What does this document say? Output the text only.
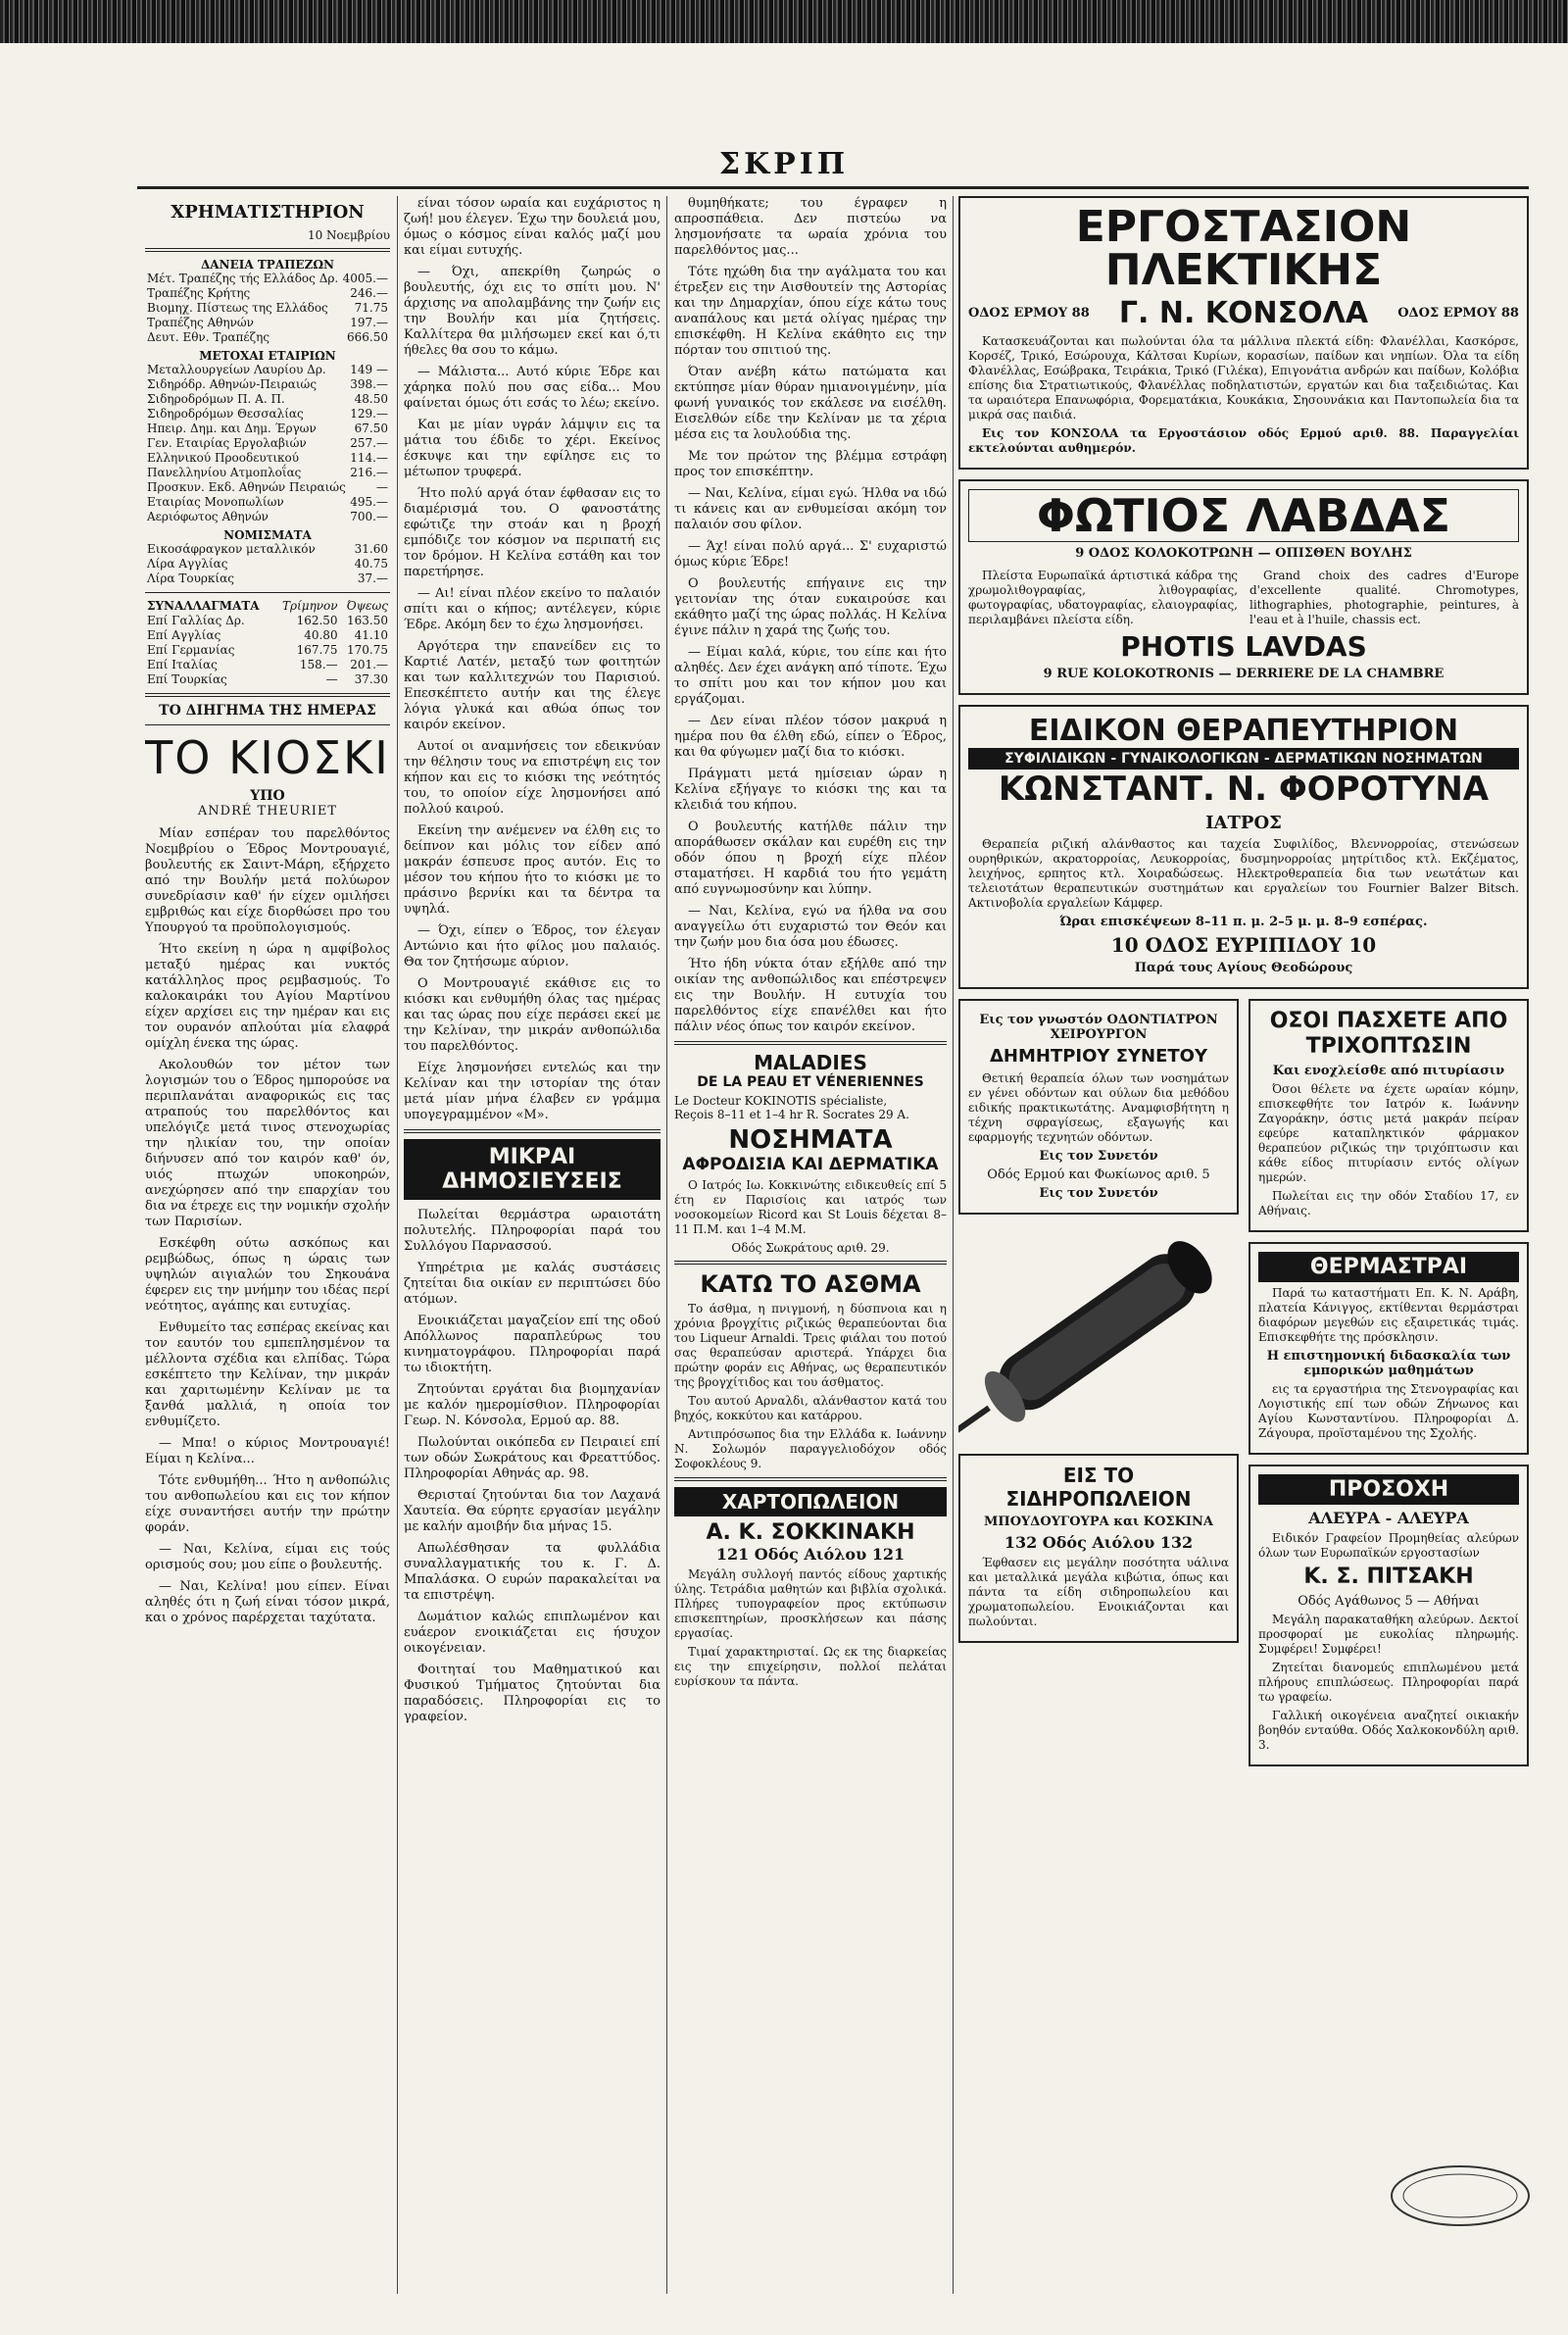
ΣΚΡΙΠ
ΧΡΗΜΑΤΙΣΤΗΡΙΟΝ
10 Νοεμβρίου
ΔΑΝΕΙΑ ΤΡΑΠΕΖΩΝ
Μέτ. Τραπέζης τής Ελλάδος Δρ.	4005.—
Τραπέζης Κρήτης	246.—
Βιομηχ. Πίστεως της Ελλάδος	71.75
Τραπέζης Αθηνών	197.—
Δευτ. Εθν. Τραπέζης	666.50
ΜΕΤΟΧΑΙ ΕΤΑΙΡΙΩΝ
Μεταλλουργείων Λαυρίου Δρ.	149 —
Σιδηρόδρ. Αθηνών-Πειραιώς	398.—
Σιδηροδρόμων Π. Α. Π.	48.50
Σιδηροδρόμων Θεσσαλίας	129.—
Ηπειρ. Δημ. και Δημ. Έργων	67.50
Γεν. Εταιρίας Εργολαβιών	257.—
Ελληνικού Προοδευτικού	114.—
Πανελληνίου Ατμοπλοΐας	216.—
Προσκυν. Εκδ. Αθηνών Πειραιώς	—
Εταιρίας Μονοπωλίων	495.—
Αεριόφωτος Αθηνών	700.—
ΝΟΜΙΣΜΑΤΑ
Εικοσάφραγκον μεταλλικόν	31.60
Λίρα Αγγλίας	40.75
Λίρα Τουρκίας	37.—
ΣΥΝΑΛΛΑΓΜΑΤΑ	Τρίμηνον	Όψεως
Επί Γαλλίας Δρ.	162.50	163.50
Επί Αγγλίας	40.80	41.10
Επί Γερμανίας	167.75	170.75
Επί Ιταλίας	158.—	201.—
Επί Τουρκίας	—	37.30
ΤΟ ΔΙΗΓΗΜΑ ΤΗΣ ΗΜΕΡΑΣ
ΤΟ ΚΙΟΣΚΙ
ΥΠΟ
ANDRÉ THEURIET

Μίαν εσπέραν του παρελθόντος Νοεμβρίου ο Έδρος Μοντρουαγιέ, βουλευτής εκ Σαιντ-Μάρη, εξήρχετο από την Βουλήν μετά πολύωρον συνεδρίασιν καθ' ήν είχεν ομιλήσει εμβριθώς και είχε διορθώσει προ του Υπουργού τα προϋπολογισμούς.

Ήτο εκείνη η ώρα η αμφίβολος μεταξύ ημέρας και νυκτός κατάλληλος προς ρεμβασμούς. Το καλοκαιράκι του Αγίου Μαρτίνου είχεν αρχίσει εις την ημέραν και εις τον ουρανόν απλούται μία ελαφρά ομίχλη ένεκα της ώρας.

Ακολουθών τον μέτον των λογισμών του ο Έδρος ημπορούσε να περιπλανάται αναφορικώς εις τας ατραπούς του παρελθόντος και υπελόγιζε μετά τινος στενοχωρίας την ηλικίαν του, την οποίαν διήνυσεν από τον καιρόν καθ' όν, υιός πτωχών υποκοηρών, ανεχώρησεν από την επαρχίαν του δια να έτρεχε εις την νομικήν σχολήν των Παρισίων.

Εσκέφθη ούτω ασκόπως και ρεμβώδως, όπως η ώραις των υψηλών αιγιαλών του Σηκουάνα έφερεν εις την μνήμην του ιδέας περί νεότητος, αγάπης και ευτυχίας.

Ενθυμείτο τας εσπέρας εκείνας και τον εαυτόν του εμπεπλησμένον τα μέλλοντα σχέδια και ελπίδας. Τώρα εσκέπτετο την Κελίναν, την μικράν και χαριτωμένην Κελίναν με τα ξανθά μαλλιά, η οποία τον ενθυμίζετο.

— Μπα! ο κύριος Μοντρουαγιέ! Είμαι η Κελίνα...

Τότε ενθυμήθη... Ήτο η ανθοπώλις του ανθοπωλείου και εις τον κήπον είχε συναντήσει αυτήν την πρώτην φοράν.

— Ναι, Κελίνα, είμαι εις τούς ορισμούς σου; μου είπε ο βουλευτής.

— Ναι, Κελίνα! μου είπεν. Είναι αληθές ότι η ζωή είναι τόσον μικρά, και ο χρόνος παρέρχεται ταχύτατα.

είναι τόσον ωραία και ευχάριστος η ζωή! μου έλεγεν. Έχω την δουλειά μου, όμως ο κόσμος είναι καλός μαζί μου και είμαι ευτυχής.

— Όχι, απεκρίθη ζωηρώς ο βουλευτής, όχι εις το σπίτι μου. Ν' άρχισης να απολαμβάνης την ζωήν εις την Βουλήν και μία ζητήσεις. Καλλίτερα θα μιλήσωμεν εκεί και ό,τι ήθελες θα σου το κάμω.

— Μάλιστα... Αυτό κύριε Έδρε και χάρηκα πολύ που σας είδα... Μου φαίνεται όμως ότι εσάς το λέω; εκείνο.

Και με μίαν υγράν λάμψιν εις τα μάτια του έδιδε το χέρι. Εκείνος έσκυψε και την εφίλησε εις το μέτωπον τρυφερά.

Ήτο πολύ αργά όταν έφθασαν εις το διαμέρισμά του. Ο φανοστάτης εφώτιζε την στοάν και η βροχή εμπόδιζε τον κόσμον να περιπατή εις τον δρόμον. Η Κελίνα εστάθη και τον παρετήρησε.

— Αι! είναι πλέον εκείνο το παλαιόν σπίτι και ο κήπος; αντέλεγεν, κύριε Έδρε. Ακόμη δεν το έχω λησμονήσει.

Αργότερα την επανείδεν εις το Καρτιέ Λατέν, μεταξύ των φοιτητών και των καλλιτεχνών του Παρισιού. Επεσκέπτετο αυτήν και της έλεγε λόγια γλυκά και αθώα όπως τον καιρόν εκείνον.

Αυτοί οι αναμνήσεις τον εδεικνύαν την θέλησιν τους να επιστρέψη εις τον κήπον και εις το κιόσκι της νεότητός του, το οποίον είχε λησμονήσει από πολλού καιρού.

Εκείνη την ανέμενεν να έλθη εις το δείπνον και μόλις τον είδεν από μακράν έσπευσε προς αυτόν. Εις το μέσον του κήπου ήτο το κιόσκι με το πράσινο βερνίκι και τα δέντρα τα υψηλά.

— Όχι, είπεν ο Έδρος, τον έλεγαν Αντώνιο και ήτο φίλος μου παλαιός. Θα τον ζητήσωμε αύριον.

Ο Μοντρουαγιέ εκάθισε εις το κιόσκι και ενθυμήθη όλας τας ημέρας και τας ώρας που είχε περάσει εκεί με την Κελίναν, την μικράν ανθοπώλιδα του παρελθόντος.

Είχε λησμονήσει εντελώς και την Κελίναν και την ιστορίαν της όταν μετά μίαν μήνα έλαβεν εν γράμμα υπογεγραμμένον «Μ».

ΜΙΚΡΑΙ ΔΗΜΟΣΙΕΥΣΕΙΣ

Πωλείται θερμάστρα ωραιοτάτη πολυτελής. Πληροφορίαι παρά του Συλλόγου Παρνασσού.

Υπηρέτρια με καλάς συστάσεις ζητείται δια οικίαν εν περιπτώσει δύο ατόμων.

Ενοικιάζεται μαγαζείον επί της οδού Απόλλωνος παραπλεύρως του κινηματογράφου. Πληροφορίαι παρά τω ιδιοκτήτη.

Ζητούνται εργάται δια βιομηχανίαν με καλόν ημερομίσθιον. Πληροφορίαι Γεωρ. Ν. Κόνσολα, Ερμού αρ. 88.

Πωλούνται οικόπεδα εν Πειραιεί επί των οδών Σωκράτους και Φρεαττύδος. Πληροφορίαι Αθηνάς αρ. 98.

Θερισταί ζητούνται δια τον Λαχανά Χαυτεία. Θα εύρητε εργασίαν μεγάλην με καλήν αμοιβήν δια μήνας 15.

Απωλέσθησαν τα φυλλάδια συναλλαγματικής του κ. Γ. Δ. Μπαλάσκα. Ο ευρών παρακαλείται να τα επιστρέψη.

Δωμάτιον καλώς επιπλωμένον και ευάερον ενοικιάζεται εις ήσυχον οικογένειαν.

Φοιτηταί του Μαθηματικού και Φυσικού Τμήματος ζητούνται δια παραδόσεις. Πληροφορίαι εις το γραφείον.

θυμηθήκατε; του έγραφεν η απροσπάθεια. Δεν πιστεύω να λησμονήσατε τα ωραία χρόνια του παρελθόντος μας...

Τότε ηχώθη δια την αγάλματα του και έτρεξεν εις την Αισθουτείν της Αστορίας και την Δημαρχίαν, όπου είχε κάτω τους αναπάλους και μετά ολίγας ημέρας την επισκέφθη. Η Κελίνα εκάθητο εις την πόρταν του σπιτιού της.

Όταν ανέβη κάτω πατώματα και εκτύπησε μίαν θύραν ημιανοιγμένην, μία φωνή γυναικός τον εκάλεσε να εισέλθη. Εισελθών είδε την Κελίναν με τα χέρια μέσα εις τα λουλούδια της.

Με τον πρώτον της βλέμμα εστράφη προς τον επισκέπτην.

— Ναι, Κελίνα, είμαι εγώ. Ήλθα να ιδώ τι κάνεις και αν ενθυμείσαι ακόμη τον παλαιόν σου φίλον.

— Άχ! είναι πολύ αργά... Σ' ευχαριστώ όμως κύριε Έδρε!

Ο βουλευτής επήγαινε εις την γειτονίαν της όταν ευκαιρούσε και εκάθητο μαζί της ώρας πολλάς. Η Κελίνα έγινε πάλιν η χαρά της ζωής του.

— Είμαι καλά, κύριε, του είπε και ήτο αληθές. Δεν έχει ανάγκη από τίποτε. Έχω το σπίτι μου και τον κήπον μου και εργάζομαι.

— Δεν είναι πλέον τόσον μακρυά η ημέρα που θα έλθη εδώ, είπεν ο Έδρος, και θα φύγωμεν μαζί δια το κιόσκι.

Πράγματι μετά ημίσειαν ώραν η Κελίνα εξήγαγε το κιόσκι της και τα κλειδιά του κήπου.

Ο βουλευτής κατήλθε πάλιν την αποράθωσεν σκάλαν και ευρέθη εις την οδόν όπου η βροχή είχε πλέον σταματήσει. Η καρδιά του ήτο γεμάτη από ευγνωμοσύνην και λύπην.

— Ναι, Κελίνα, εγώ να ήλθα να σου αναγγείλω ότι ευχαριστώ τον Θεόν και την ζωήν μου δια όσα μου έδωσες.

Ήτο ήδη νύκτα όταν εξήλθε από την οικίαν της ανθοπώλιδος και επέστρεψεν εις την Βουλήν. Η ευτυχία του παρελθόντος είχε επανέλθει και ήτο πάλιν νέος όπως τον καιρόν εκείνον.

MALADIES
DE LA PEAU ET VÉNERIENNES
Le Docteur KOKINOTIS spécialiste,
Reçois 8–11 et 1–4 hr R. Socrates 29 A.
ΝΟΣΗΜΑΤΑ
ΑΦΡΟΔΙΣΙΑ ΚΑΙ ΔΕΡΜΑΤΙΚΑ

Ο Ιατρός Ιω. Κοκκινώτης ειδικευθείς επί 5 έτη εν Παρισίοις και ιατρός των νοσοκομείων Ricord και St Louis δέχεται 8–11 Π.Μ. και 1–4 Μ.Μ.

Οδός Σωκράτους αριθ. 29.
ΚΑΤΩ ΤΟ ΑΣΘΜΑ

Το άσθμα, η πνιγμονή, η δύσπνοια και η χρόνια βρογχίτις ριζικώς θεραπεύονται δια του Liqueur Arnaldi. Τρεις φιάλαι του ποτού σας θεραπεύσαν αριστερά. Υπάρχει δια πρώτην φοράν εις Αθήνας, ως θεραπευτικόν της βρογχίτιδος και του άσθματος.

Του αυτού Αρναλδι, αλάνθαστον κατά του βηχός, κοκκύτου και κατάρρου.

Αντιπρόσωπος δια την Ελλάδα κ. Ιωάννην Ν. Σολωμόν παραγγελιοδόχον οδός Σοφοκλέους 9.

ΧΑΡΤΟΠΩΛΕΙΟΝ
Α. Κ. ΣΟΚΚΙΝΑΚΗ
121 Οδός Αιόλου 121

Μεγάλη συλλογή παντός είδους χαρτικής ύλης. Τετράδια μαθητών και βιβλία σχολικά. Πλήρες τυπογραφείον προς εκτύπωσιν επισκεπτηρίων, προσκλήσεων και πάσης εργασίας.

Τιμαί χαρακτηρισταί. Ως εκ της διαρκείας εις την επιχείρησιν, πολλοί πελάται ευρίσκουν τα πάντα.

ΕΡΓΟΣΤΑΣΙΟΝ ΠΛΕΚΤΙΚΗΣ
ΟΔΟΣ ΕΡΜΟΥ 88 Γ. Ν. ΚΟΝΣΟΛΑ ΟΔΟΣ ΕΡΜΟΥ 88

Κατασκευάζονται και πωλούνται όλα τα μάλλινα πλεκτά είδη: Φλανέλλαι, Κασκόρσε, Κορσέζ, Τρικό, Εσώρουχα, Κάλτσαι Κυρίων, κορασίων, παίδων και νηπίων. Όλα τα είδη Φλανέλλας, Εσώβρακα, Τειράκια, Τρικό (Γιλέκα), Επιγονάτια ανδρών και παίδων, Κολόβια επίσης δια Στρατιωτικούς, Φλανέλλας ποδηλατιστών, εργατών και δια ταξειδιώτας. Και τα ωραιότερα Επανωφόρια, Φορεματάκια, Κουκάκια, Σησουνάκια και Παντοπωλεία δια τα μικρά σας παιδιά.

Εις τον ΚΟΝΣΟΛΑ τα Εργοστάσιον οδός Ερμού αριθ. 88. Παραγγελίαι εκτελούνται αυθημερόν.

ΦΩΤΙΟΣ ΛΑΒΔΑΣ
9 ΟΔΟΣ ΚΟΛΟΚΟΤΡΩΝΗ — ΟΠΙΣΘΕΝ ΒΟΥΛΗΣ

Πλείστα Ευρωπαϊκά άρτιστικά κάδρα της χρωμολιθογραφίας, λιθογραφίας, φωτογραφίας, υδατογραφίας, ελαιογραφίας, περιλαμβάνει πλείστα είδη.

Grand choix des cadres d'Europe d'excellente qualité. Chromotypes, lithographies, photographie, peintures, à l'eau et à l'huile, chassis ect.

PHOTIS LAVDAS
9 RUE KOLOKOTRONIS — DERRIERE DE LA CHAMBRE
ΕΙΔΙΚΟΝ ΘΕΡΑΠΕΥΤΗΡΙΟΝ
ΣΥΦΙΛΙΔΙΚΩΝ - ΓΥΝΑΙΚΟΛΟΓΙΚΩΝ - ΔΕΡΜΑΤΙΚΩΝ ΝΟΣΗΜΑΤΩΝ
ΚΩΝΣΤΑΝΤ. Ν. ΦΟΡΟΤΥΝΑ
ΙΑΤΡΟΣ

Θεραπεία ριζική αλάνθαστος και ταχεία Συφιλίδος, Βλεννορροίας, στενώσεων ουρηθρικών, ακρατορροίας, Λευκορροίας, δυσμηνορροίας μητρίτιδος κτλ. Εκζέματος, λειχήνος, ερπητος κτλ. Χοιραδώσεως. Ηλεκτροθεραπεία δια των νεωτάτων και τελειοτάτων θεραπευτικών συστημάτων και εργαλείων του Fournier Balzer Bitsch. Ακτινοβολία εργαλείων Κάμφερ.

Ώραι επισκέψεων 8–11 π. μ. 2–5 μ. μ. 8–9 εσπέρας.
10 ΟΔΟΣ ΕΥΡΙΠΙΔΟΥ 10
Παρά τους Αγίους Θεοδώρους
Εις τον γνωστόν ΟΔΟΝΤΙΑΤΡΟΝ ΧΕΙΡΟΥΡΓΟΝ
ΔΗΜΗΤΡΙΟΥ ΣΥΝΕΤΟΥ

Θετική θεραπεία όλων των νοσημάτων εν γένει οδόντων και ούλων δια μεθόδου ειδικής πρακτικωτάτης. Αναμφισβήτητη η τέχνη σφραγίσεως, εξαγωγής και εφαρμογής τεχνητών οδόντων.

Εις τον Συνετόν
Οδός Ερμού και Φωκίωνος αριθ. 5
Εις τον Συνετόν
ΕΙΣ ΤΟ ΣΙΔΗΡΟΠΩΛΕΙΟΝ
ΜΠΟΥΔΟΥΓΟΥΡΑ και ΚΟΣΚΙΝΑ
132 Οδός Αιόλου 132

Έφθασεν εις μεγάλην ποσότητα υάλινα και μεταλλικά μεγάλα κιβώτια, όπως και πάντα τα είδη σιδηροπωλείου και χρωματοπωλείου. Ενοικιάζονται και πωλούνται.

ΟΣΟΙ ΠΑΣΧΕΤΕ ΑΠΟ ΤΡΙΧΟΠΤΩΣΙΝ
Και ενοχλείσθε από πιτυρίασιν

Όσοι θέλετε να έχετε ωραίαν κόμην, επισκεφθήτε τον Ιατρόν κ. Ιωάννην Ζαγοράκην, όστις μετά μακράν πείραν εφεύρε καταπληκτικόν φάρμακον θεραπεύον ριζικώς την τριχόπτωσιν και κάθε είδος πιτυρίασιν εντός ολίγων ημερών.

Πωλείται εις την οδόν Σταδίου 17, εν Αθήναις.

ΘΕΡΜΑΣΤΡΑΙ

Παρά τω καταστήματι Επ. Κ. Ν. Αράβη, πλατεία Κάνιγγος, εκτίθενται θερμάστραι διαφόρων μεγεθών εις εξαιρετικάς τιμάς. Επισκεφθήτε της πρόσκλησιν.

Η επιστημονική διδασκαλία των εμπορικών μαθημάτων

εις τα εργαστήρια της Στενογραφίας και Λογιστικής επί των οδών Ζήνωνος και Αγίου Κωνσταντίνου. Πληροφορίαι Δ. Ζάγουρα, προϊσταμένου της Σχολής.

ΠΡΟΣΟΧΗ
ΑΛΕΥΡΑ - ΑΛΕΥΡΑ

Ειδικόν Γραφείον Προμηθείας αλεύρων όλων των Ευρωπαϊκών εργοστασίων

Κ. Σ. ΠΙΤΣΑΚΗ
Οδός Αγάθωνος 5 — Αθήναι

Μεγάλη παρακαταθήκη αλεύρων. Δεκτοί προσφοραί με ευκολίας πληρωμής. Συμφέρει! Συμφέρει!

Ζητείται διανομεύς επιπλωμένου μετά πλήρους επιπλώσεως. Πληροφορίαι παρά τω γραφείω.

Γαλλική οικογένεια αναζητεί οικιακήν βοηθόν ενταύθα. Οδός Χαλκοκονδύλη αριθ. 3.
